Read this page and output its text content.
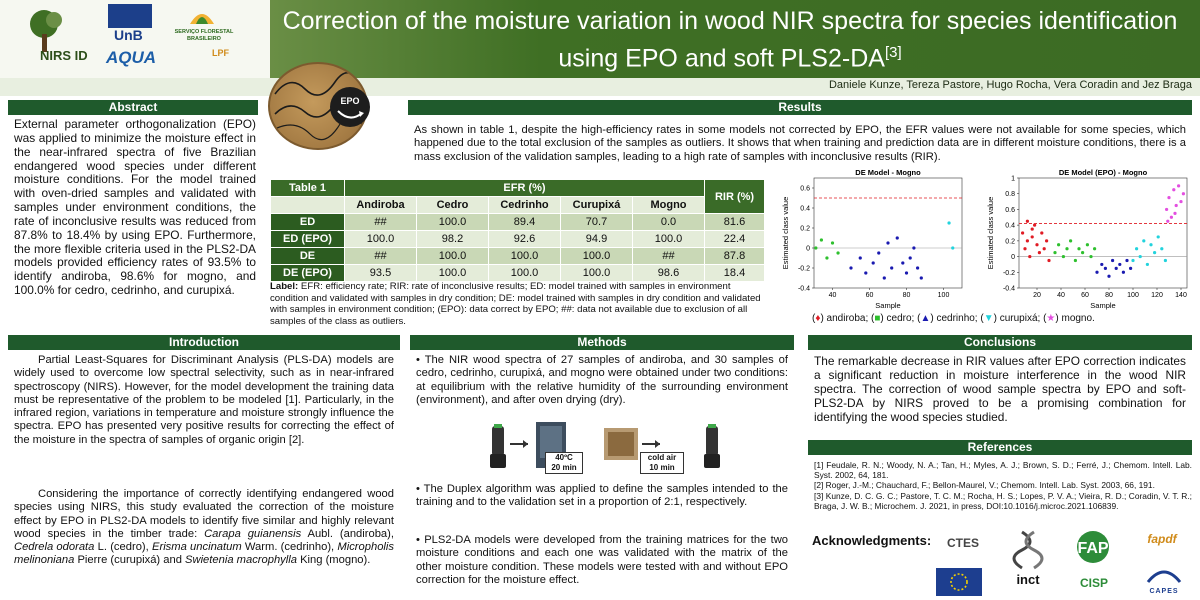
NIRS ID
UnB
AQUA
SERVIÇO FLORESTAL BRASILEIRO
LPF
Correction of the moisture variation in wood NIR spectra for species identification
using EPO and soft PLS2-DA[3]
Daniele Kunze, Tereza Pastore, Hugo Rocha, Vera Coradin and Jez Braga
EPO
Abstract
External parameter orthogonalization (EPO) was applied to minimize the moisture effect in the near-infrared spectra of five Brazilian endangered wood species under different moisture conditions. For the model trained with oven-dried samples and validated with samples under environment conditions, the rate of inconclusive results was reduced from 87.8% to 18.4% by using EPO. Furthermore, the more flexible criteria used in the PLS2-DA models provided efficiency rates of 93.5% to identify andiroba, 98.6% for mogno, and 100.0% for cedro, cedrinho, and curupixá.
Results
As shown in table 1, despite the high-efficiency rates in some models not corrected by EPO, the EFR values were not available for some species, which happened due to the total exclusion of the samples as outliers. It shows that when training and prediction data are in different moisture conditions, there is a mass exclusion of the validation samples, leading to a high rate of samples with inconclusive results (RIR).
Table 1	EFR (%)					RIR (%)
	Andiroba	Cedro	Cedrinho	Curupixá	Mogno	
ED	##	100.0	89.4	70.7	0.0	81.6
ED (EPO)	100.0	98.2	92.6	94.9	100.0	22.4
DE	##	100.0	100.0	100.0	##	87.8
DE (EPO)	93.5	100.0	100.0	100.0	98.6	18.4
Label: EFR: efficiency rate; RIR: rate of inconclusive results; ED: model trained with samples in environment condition and validated with samples in dry condition; DE: model trained with samples in dry condition and validated with samples in environment condition; (EPO): data correct by EPO; ##: data not available due to exclusion of all samples of the class as outliers.
DE Model - Mogno
-0.4
-0.2
0
0.2
0.4
0.6
40	60	80	100
Sample
Estimated class value
DE Model (EPO) - Mogno
-0.4
-0.2
0
0.2
0.4
0.6
0.8
1
20 40 60 80 100 120 140
Sample
Estimated class value
(♦) andiroba; (■) cedro; (▲) cedrinho; (▼) curupixá; (★) mogno.
Introduction
Partial Least-Squares for Discriminant Analysis (PLS-DA) models are widely used to overcome low spectral selectivity, such as in near-infrared spectroscopy (NIRS). However, for the model development the training data must be representative of the problem to be modeled [1]. Particularly, in the infrared region, variations in temperature and moisture strongly influence the spectra. EPO has presented very positive results for correcting the effect of the moisture in the spectra of samples of organic origin [2].
Considering the importance of correctly identifying endangered wood species using NIRS, this study evaluated the correction of the moisture effect by EPO in PLS2-DA models to identify five similar and highly relevant wood species in the timber trade: Carapa guianensis Aubl. (andiroba), Cedrela odorata L. (cedro), Erisma uncinatum Warm. (cedrinho), Micropholis melinoniana Pierre (curupixá) and Swietenia macrophylla King (mogno).
Methods
• The NIR wood spectra of 27 samples of andiroba, and 30 samples of cedro, cedrinho, curupixá, and mogno were obtained under two conditions: at equilibrium with the relative humidity of the surrounding environment (environment), and after oven drying (dry).
40ºC
20 min
cold air
10 min
• The Duplex algorithm was applied to define the samples intended to the training and to the validation set in a proportion of 2:1, respectively.
• PLS2-DA models were developed from the training matrices for the two moisture conditions and each one was validated with the matrix of the other moisture condition. These models were tested with and without EPO correction for the moisture effect.
Conclusions
The remarkable decrease in RIR values after EPO correction indicates a significant reduction in moisture interference in the wood NIR spectra. The correction of wood sample spectra by EPO and soft-PLS2-DA by NIRS proved to be a promising combination for identifying the wood species studied.
References
[1] Feudale, R. N.; Woody, N. A.; Tan, H.; Myles, A. J.; Brown, S. D.; Ferré, J.; Chemom. Intell. Lab. Syst. 2002, 64, 181.
[2] Roger, J.-M.; Chauchard, F.; Bellon-Maurel, V.; Chemom. Intell. Lab. Syst. 2003, 66, 191.
[3] Kunze, D. C. G. C.; Pastore, T. C. M.; Rocha, H. S.; Lopes, P. V. A.; Vieira, R. D.; Coradin, V. T. R.; Braga, J. W. B.; Microchem. J. 2021, in press, DOI:10.1016/j.microc.2021.106839.
Acknowledgments:	CTES
inct
FAP
fapdf
CISP
CAPES
